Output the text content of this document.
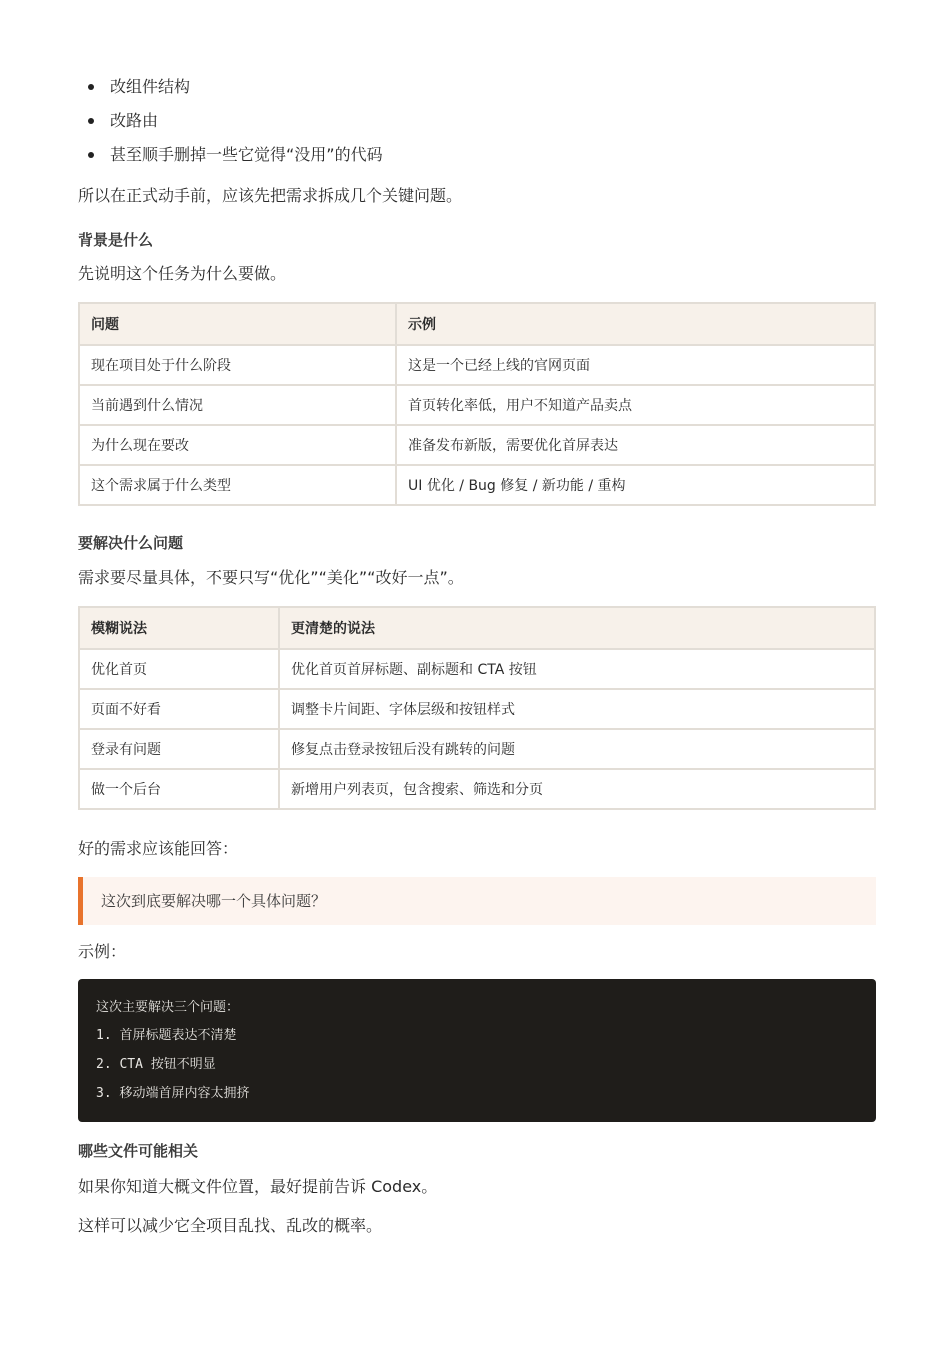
改组件结构
改路由
甚至顺手删掉一些它觉得“没用”的代码
所以在正式动手前，应该先把需求拆成几个关键问题。
背景是什么
先说明这个任务为什么要做。
问题	示例
现在项目处于什么阶段	这是一个已经上线的官网页面
当前遇到什么情况	首页转化率低，用户不知道产品卖点
为什么现在要改	准备发布新版，需要优化首屏表达
这个需求属于什么类型	UI 优化 / Bug 修复 / 新功能 / 重构
要解决什么问题
需求要尽量具体，不要只写“优化”“美化”“改好一点”。
模糊说法	更清楚的说法
优化首页	优化首页首屏标题、副标题和 CTA 按钮
页面不好看	调整卡片间距、字体层级和按钮样式
登录有问题	修复点击登录按钮后没有跳转的问题
做一个后台	新增用户列表页，包含搜索、筛选和分页
好的需求应该能回答：
这次到底要解决哪一个具体问题？
示例：
这次主要解决三个问题：
1. 首屏标题表达不清楚
2. CTA 按钮不明显
3. 移动端首屏内容太拥挤
哪些文件可能相关
如果你知道大概文件位置，最好提前告诉 Codex。
这样可以减少它全项目乱找、乱改的概率。
